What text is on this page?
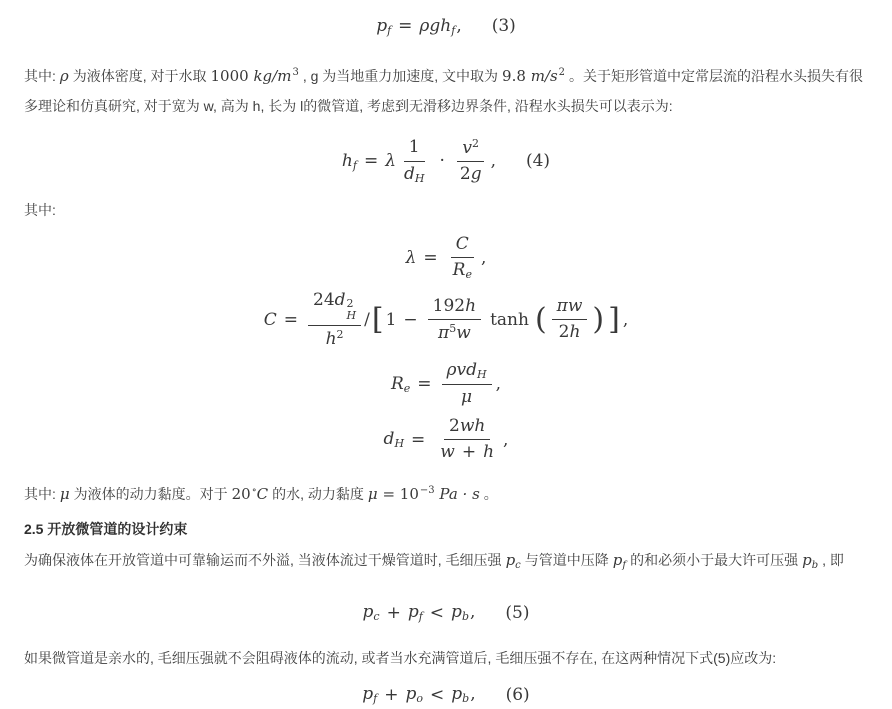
$p_f = \rho gh_f$, (3)
其中: ρ 为液体密度, 对于水取 1000 $kg/m^3$ , g 为当地重力加速度, 文中取为 9.8 $m/s^2$ 。关于矩形管道中定常层流的沿程水头损失有很多理论和仿真研究, 对于宽为 w, 高为 h, 长为 l的微管道, 考虑到无滑移边界条件, 沿程水头损失可以表示为:
$h_f = \lambda \frac{1}{d_H} \cdot \frac{v^2}{2g}$ , (4)
其中:
$\lambda = \frac{C}{R_e}$ ,
C = 24d 2
H
$h^2$ / [ $1 - \frac{192h}{\pi^5w}$ tanh ( $\frac{\pi w}{2h}$ ) ] ,
$R_e = \frac{\rho vd_H}{\mu}$ ,
$d_H = \frac{2wh}{w + h}$ ,
其中: μ 为液体的动力黏度。对于 20∘C 的水, 动力黏度 $\mu = 10^{-3}$ Pa · s 。
2.5 开放微管道的设计约束
为确保液体在开放管道中可靠输运而不外溢, 当液体流过干燥管道时, 毛细压强 $p_c$ 与管道中压降 $p_f$ 的和必须小于最大许可压强 $p_b$ , 即
$p_c + p_f < p_b$, (5)
如果微管道是亲水的, 毛细压强就不会阻碍液体的流动, 或者当水充满管道后, 毛细压强不存在, 在这两种情况下式(5)应改为:
$p_f + p_o < p_b$, (6)
